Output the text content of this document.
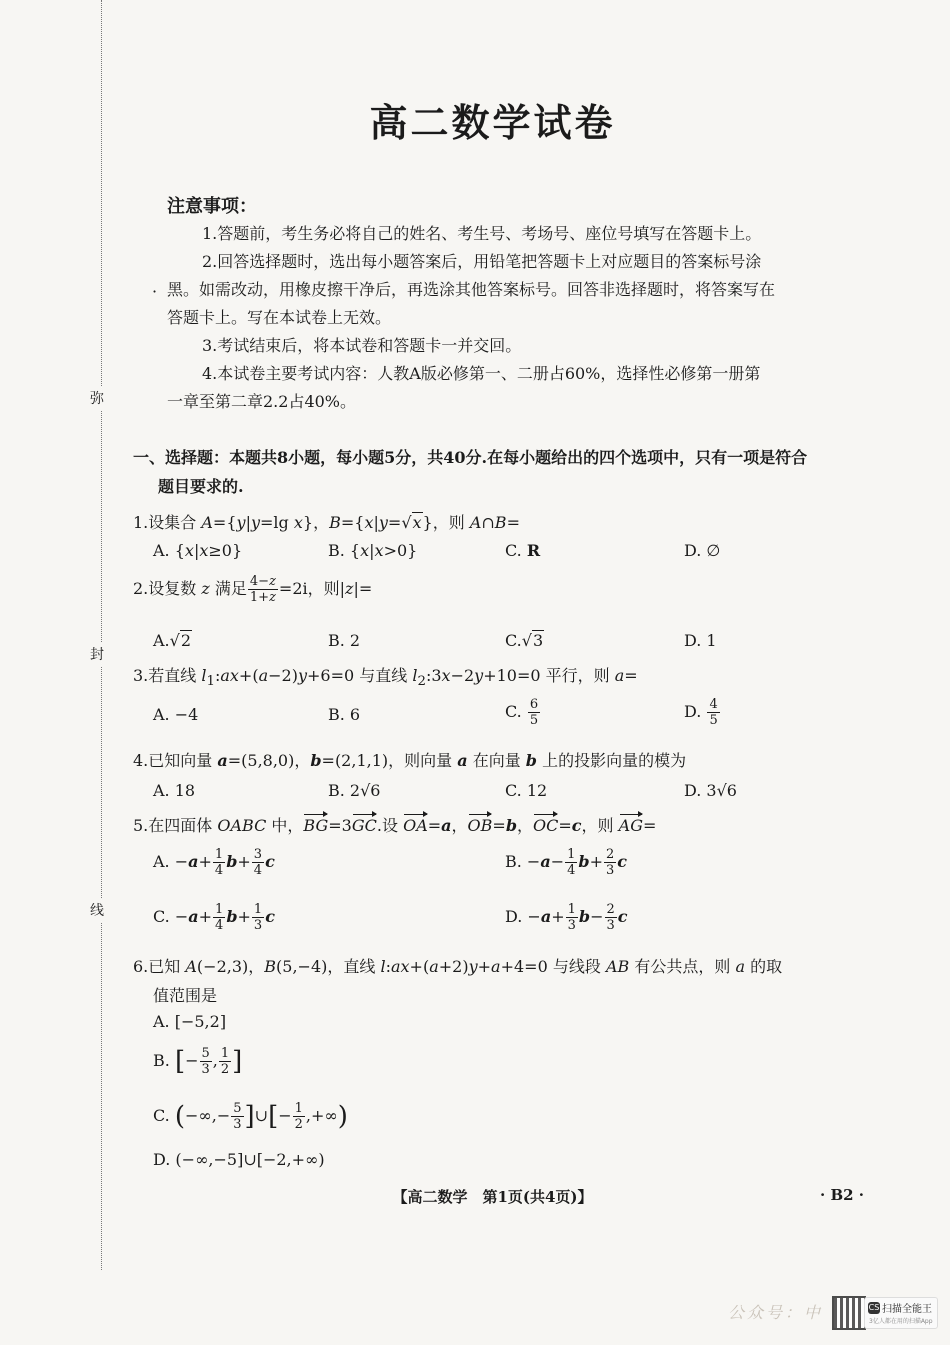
弥
封
线
高二数学试卷
注意事项：
1.答题前，考生务必将自己的姓名、考生号、考场号、座位号填写在答题卡上。
2.回答选择题时，选出每小题答案后，用铅笔把答题卡上对应题目的答案标号涂
· 黑。如需改动，用橡皮擦干净后，再选涂其他答案标号。回答非选择题时，将答案写在
答题卡上。写在本试卷上无效。
3.考试结束后，将本试卷和答题卡一并交回。
4.本试卷主要考试内容：人教A版必修第一、二册占60%，选择性必修第一册第
一章至第二章2.2占40%。
一、选择题：本题共8小题，每小题5分，共40分.在每小题给出的四个选项中，只有一项是符合
题目要求的.
1.设集合 A={y|y=lg x}，B={x|y=√x}，则 A∩B=
A. {x|x≥0}	B. {x|x>0}	C. R	D. ∅
2.设复数 z 满足 $\frac{4-z}{1+z} =2i$，则|z|=
A.√2	B. 2	C.√3	D. 1
3.若直线 $l_1:ax+(a-2)y+6=0$ 与直线 $l_2:3x-2y+10=0$ 平行，则 a=
A. −4	B. 6	C. $\frac{6}{5}$	D. $\frac{4}{5}$
4.已知向量 a=(5,8,0)，b=(2,1,1)，则向量 a 在向量 b 上的投影向量的模为
A. 18	B. 2√6	C. 12	D. 3√6
5.在四面体 OABC 中，BG=3GC.设 OA=a，OB=b，OC=c，则 AG=
A. $-a+ \frac{1}{4} b+ \frac{3}{4}$ c	B. $-a- \frac{1}{4} b+ \frac{2}{3}$ c
C. $-a+ \frac{1}{4} b+ \frac{1}{3}$ c	D. $-a+ \frac{1}{3} b- \frac{2}{3}$ c
6.已知 A(−2,3)，B(5,−4)，直线 l:ax+(a+2)y+a+4=0 与线段 AB 有公共点，则 a 的取
值范围是
A. [−5,2]
B. [− $\frac{5}{3}$ , $\frac{1}{2}$ ]
C. (−∞,− $\frac{5}{3}$ ]∪[− $\frac{1}{2}$ ,+∞)
D. (−∞,−5]∪[−2,+∞)
【高二数学　第1页(共4页)】	· B2 ·
公众号：中	CS 扫描全能王
3亿人都在用的扫描App
